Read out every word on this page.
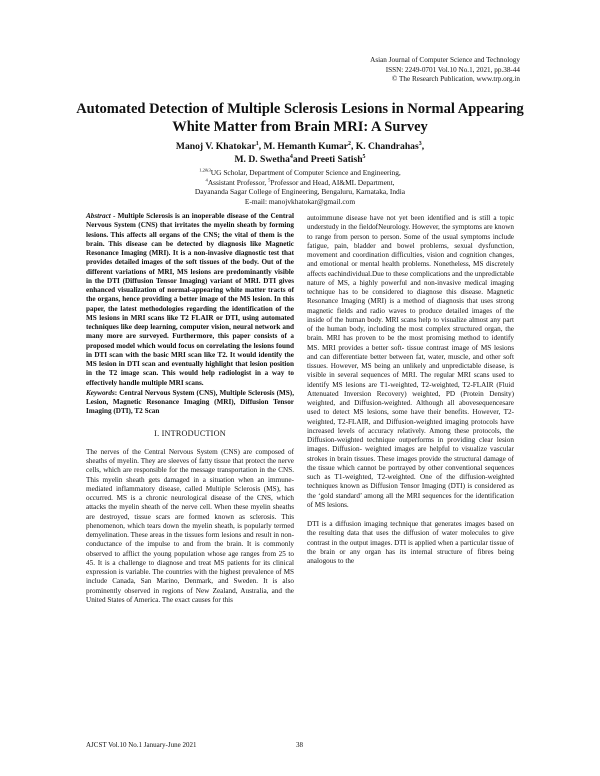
Asian Journal of Computer Science and Technology
ISSN: 2249-0701 Vol.10 No.1, 2021, pp.38-44
© The Research Publication, www.trp.org.in
Automated Detection of Multiple Sclerosis Lesions in Normal Appearing
White Matter from Brain MRI: A Survey
Manoj V. Khatokar$^1$, M. Hemanth Kumar$^2$, K. Chandrahas$^3$,
M. D. Swetha$^4$and Preeti Satish$^5$
$^{1,2\&3}$UG Scholar, Department of Computer Science and Engineering,
$^4$Assistant Professor, $^5$Professor and Head, AI&ML Department,
Dayananda Sagar College of Engineering, Bengaluru, Karnataka, India
E-mail: manojvkhatokar@gmail.com

Abstract - Multiple Sclerosis is an inoperable disease of the Central Nervous System (CNS) that irritates the myelin sheath by forming lesions. This affects all organs of the CNS; the vital of them is the brain. This disease can be detected by diagnosis like Magnetic Resonance Imaging (MRI). It is a non-invasive diagnostic test that provides detailed images of the soft tissues of the body. Out of the different variations of MRI, MS lesions are predominantly visible in the DTI (Diffusion Tensor Imaging) variant of MRI. DTI gives enhanced visualization of normal-appearing white matter tracts of the organs, hence providing a better image of the MS lesion. In this paper, the latest methodologies regarding the identification of the MS lesions in MRI scans like T2 FLAIR or DTI, using automated techniques like deep learning, computer vision, neural network and many more are surveyed. Furthermore, this paper consists of a proposed model which would focus on correlating the lesions found in DTI scan with the basic MRI scan like T2. It would identify the MS lesion in DTI scan and eventually highlight that lesion position in the T2 image scan. This would help radiologist in a way to effectively handle multiple MRI scans.

Keywords: Central Nervous System (CNS), Multiple Sclerosis (MS), Lesion, Magnetic Resonance Imaging (MRI), Diffusion Tensor Imaging (DTI), T2 Scan

I. INTRODUCTION

The nerves of the Central Nervous System (CNS) are composed of sheaths of myelin. They are sleeves of fatty tissue that protect the nerve cells, which are responsible for the message transportation in the CNS. This myelin sheath gets damaged in a situation when an immune-mediated inflammatory disease, called Multiple Sclerosis (MS), has occurred. MS is a chronic neurological disease of the CNS, which attacks the myelin sheath of the nerve cell. When these myelin sheaths are destroyed, tissue scars are formed known as sclerosis. This phenomenon, which tears down the myelin sheath, is popularly termed demyelination. These areas in the tissues form lesions and result in non-conductance of the impulse to and from the brain. It is commonly observed to afflict the young population whose age ranges from 25 to 45. It is a challenge to diagnose and treat MS patients for its clinical expression is variable. The countries with the highest prevalence of MS include Canada, San Marino, Denmark, and Sweden. It is also prominently observed in regions of New Zealand, Australia, and the United States of America. The exact causes for this

autoimmune disease have not yet been identified and is still a topic understudy in the fieldofNeurology. However, the symptoms are known to range from person to person. Some of the usual symptoms include fatigue, pain, bladder and bowel problems, sexual dysfunction, movement and coordination difficulties, vision and cognition changes, and emotional or mental health problems. Nonetheless, MS discretely affects eachindividual.Due to these complications and the unpredictable nature of MS, a highly powerful and non-invasive medical imaging technique has to be considered to diagnose this disease. Magnetic Resonance Imaging (MRI) is a method of diagnosis that uses strong magnetic fields and radio waves to produce detailed images of the inside of the human body. MRI scans help to visualize almost any part of the human body, including the most complex structured organ, the brain. MRI has proven to be the most promising method to identify MS. MRI provides a better soft- tissue contrast image of MS lesions and can differentiate better between fat, water, muscle, and other soft tissues. However, MS being an unlikely and unpredictable disease, is visible in several sequences of MRI. The regular MRI scans used to identify MS lesions are T1-weighted, T2-weighted, T2-FLAIR (Fluid Attenuated Inversion Recovery) weighted, PD (Protein Density) weighted, and Diffusion-weighted. Although all abovesequencesare used to detect MS lesions, some have their benefits. However, T2-weighted, T2-FLAIR, and Diffusion-weighted imaging protocols have increased levels of accuracy relatively. Among these protocols, the Diffusion-weighted technique outperforms in providing clear lesion images. Diffusion- weighted images are helpful to visualize vascular strokes in brain tissues. These images provide the structural damage of the tissue which cannot be portrayed by other conventional sequences such as T1-weighted, T2-weighted. One of the diffusion-weighted techniques known as Diffusion Tensor Imaging (DTI) is considered as the ‘gold standard’ among all the MRI sequences for the identification of MS lesions.

DTI is a diffusion imaging technique that generates images based on the resulting data that uses the diffusion of water molecules to give contrast in the output images. DTI is applied when a particular tissue of the brain or any organ has its internal structure of fibres being analogous to the

AJCST Vol.10 No.1 January-June 2021	38
